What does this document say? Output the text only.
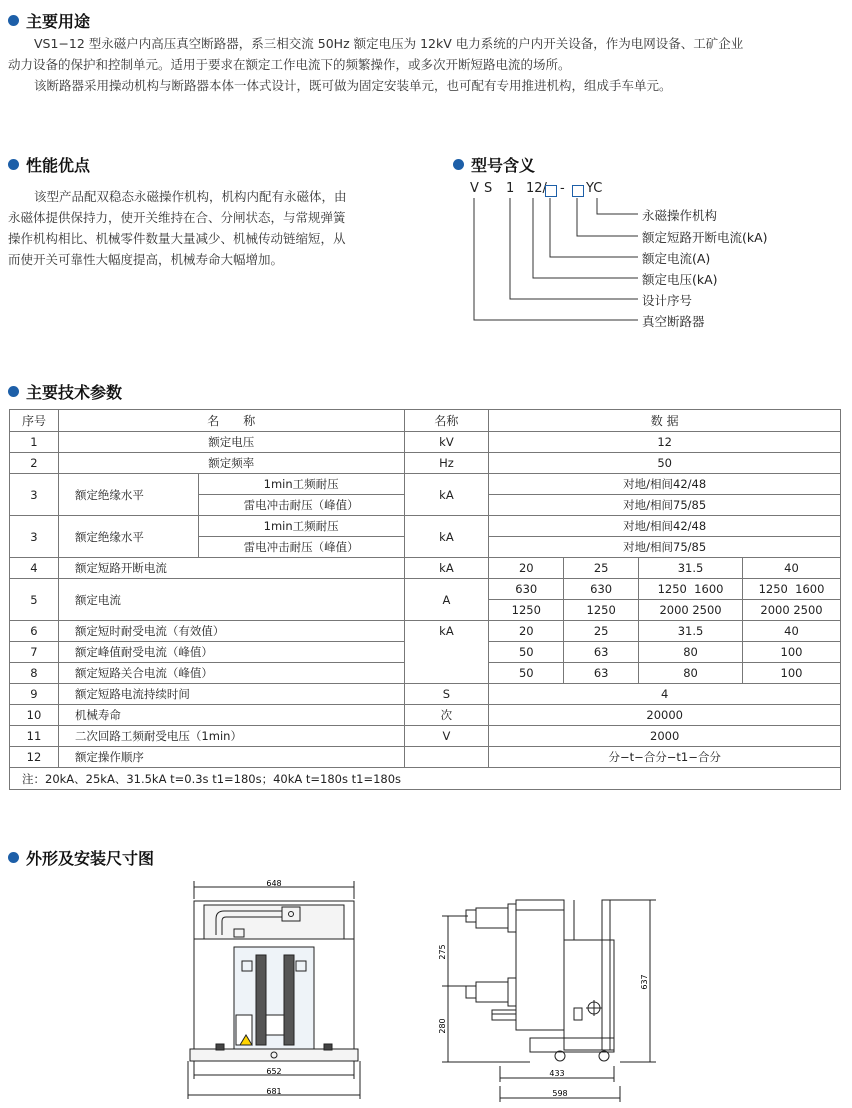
主要用途
VS1−12 型永磁户内高压真空断路器，系三相交流 50Hz 额定电压为 12kV 电力系统的户内开关设备，作为电网设备、工矿企业
动力设备的保护和控制单元。适用于要求在额定工作电流下的频繁操作，或多次开断短路电流的场所。
该断路器采用操动机构与断路器本体一体式设计，既可做为固定安装单元，也可配有专用推进机构，组成手车单元。
性能优点
该型产品配双稳态永磁操作机构，机构内配有永磁体，由
永磁体提供保持力，使开关维持在合、分闸状态，与常规弹簧
操作机构相比、机械零件数量大量减少、机械传动链缩短，从
而使开关可靠性大幅度提高，机械寿命大幅增加。
型号含义
V S 1 12/ - YC
永磁操作机构
额定短路开断电流(kA)
额定电流(A)
额定电压(kA)
设计序号
真空断路器
主要技术参数
序号	名　　称		名称	数 据			
1	额定电压		kV	12			
2	额定频率		Hz	50			
3	额定绝缘水平	1min工频耐压	kA	对地/相间42/48			
		雷电冲击耐压（峰值）		对地/相间75/85			
3	额定绝缘水平	1min工频耐压	kA	对地/相间42/48			
		雷电冲击耐压（峰值）		对地/相间75/85			
4	额定短路开断电流		kA	20	25	31.5	40
5	额定电流		A	630	630	1250  1600	1250  1600
				1250	1250	2000 2500	2000 2500
6	额定短时耐受电流（有效值）		kA	20	25	31.5	40
7	额定峰值耐受电流（峰值）			50	63	80	100
8	额定短路关合电流（峰值）			50	63	80	100
9	额定短路电流持续时间		S	4			
10	机械寿命		次	20000			
11	二次回路工频耐受电压（1min）		V	2000			
12	额定操作顺序			分−t−合分−t1−合分			
注：20kA、25kA、31.5kA t=0.3s t1=180s；40kA t=180s t1=180s							
外形及安装尺寸图
648
652
681
275
280
637
433
598
